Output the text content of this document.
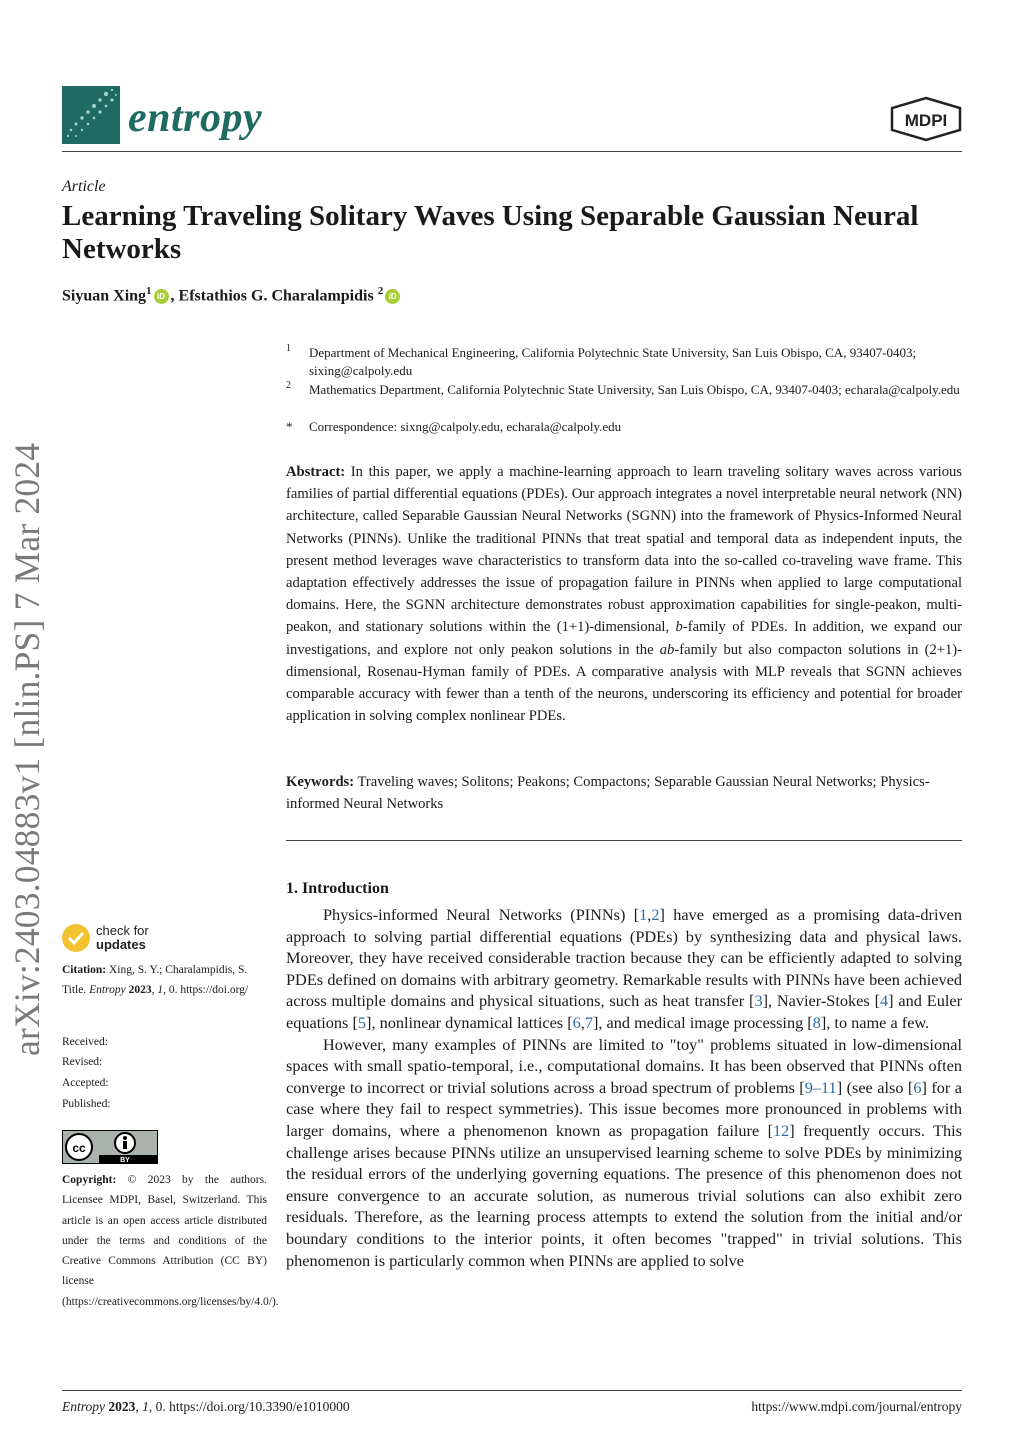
entropy	MDPI
Article
Learning Traveling Solitary Waves Using Separable Gaussian Neural Networks
Siyuan Xing$^1$ iD , Efstathios G. Charalampidis $^2$ iD
1 Department of Mechanical Engineering, California Polytechnic State University, San Luis Obispo, CA, 93407-0403; sixing@calpoly.edu
2 Mathematics Department, California Polytechnic State University, San Luis Obispo, CA, 93407-0403; echarala@calpoly.edu
* Correspondence: sixng@calpoly.edu, echarala@calpoly.edu
Abstract: In this paper, we apply a machine-learning approach to learn traveling solitary waves across various families of partial differential equations (PDEs). Our approach integrates a novel interpretable neural network (NN) architecture, called Separable Gaussian Neural Networks (SGNN) into the framework of Physics-Informed Neural Networks (PINNs). Unlike the traditional PINNs that treat spatial and temporal data as independent inputs, the present method leverages wave characteristics to transform data into the so-called co-traveling wave frame. This adaptation effectively addresses the issue of propagation failure in PINNs when applied to large computational domains. Here, the SGNN architecture demonstrates robust approximation capabilities for single-peakon, multi-peakon, and stationary solutions within the (1+1)-dimensional, b-family of PDEs. In addition, we expand our investigations, and explore not only peakon solutions in the ab-family but also compacton solutions in (2+1)-dimensional, Rosenau-Hyman family of PDEs. A comparative analysis with MLP reveals that SGNN achieves comparable accuracy with fewer than a tenth of the neurons, underscoring its efficiency and potential for broader application in solving complex nonlinear PDEs.
Keywords: Traveling waves; Solitons; Peakons; Compactons; Separable Gaussian Neural Networks; Physics-informed Neural Networks
1. Introduction

Physics-informed Neural Networks (PINNs) [1,2] have emerged as a promising data-driven approach to solving partial differential equations (PDEs) by synthesizing data and physical laws. Moreover, they have received considerable traction because they can be efficiently adapted to solving PDEs defined on domains with arbitrary geometry. Remarkable results with PINNs have been achieved across multiple domains and physical situations, such as heat transfer [3], Navier-Stokes [4] and Euler equations [5], nonlinear dynamical lattices [6,7], and medical image processing [8], to name a few.

However, many examples of PINNs are limited to "toy" problems situated in low-dimensional spaces with small spatio-temporal, i.e., computational domains. It has been observed that PINNs often converge to incorrect or trivial solutions across a broad spectrum of problems [9–11] (see also [6] for a case where they fail to respect symmetries). This issue becomes more pronounced in problems with larger domains, where a phenomenon known as propagation failure [12] frequently occurs. This challenge arises because PINNs utilize an unsupervised learning scheme to solve PDEs by minimizing the residual errors of the underlying governing equations. The presence of this phenomenon does not ensure convergence to an accurate solution, as numerous trivial solutions can also exhibit zero residuals. Therefore, as the learning process attempts to extend the solution from the initial and/or boundary conditions to the interior points, it often becomes "trapped" in trivial solutions. This phenomenon is particularly common when PINNs are applied to solve

arXiv:2403.04883v1 [nlin.PS] 7 Mar 2024	check for
updates
Citation: Xing, S. Y.; Charalampidis, S. Title. Entropy 2023, 1, 0. https://doi.org/
Received:
Revised:
Accepted:
Published:
cc
BY
Copyright: © 2023 by the authors. Licensee MDPI, Basel, Switzerland. This article is an open access article distributed under the terms and conditions of the Creative Commons Attribution (CC BY) license (https://creativecommons.org/licenses/by/4.0/).
Entropy 2023, 1, 0. https://doi.org/10.3390/e1010000	https://www.mdpi.com/journal/entropy
